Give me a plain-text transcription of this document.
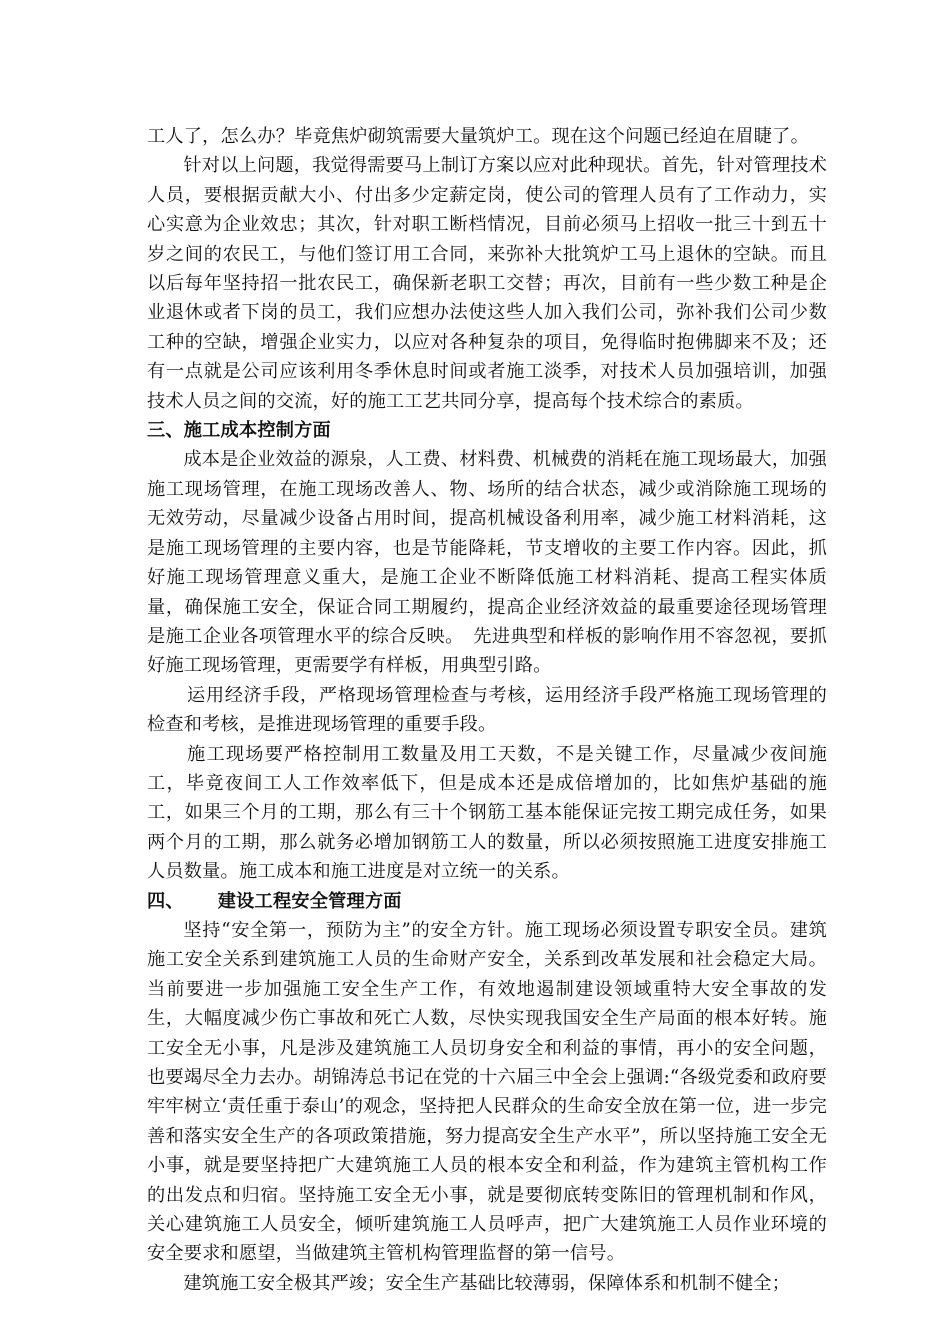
工人了，怎么办？毕竟焦炉砌筑需要大量筑炉工。现在这个问题已经迫在眉睫了。

针对以上问题，我觉得需要马上制订方案以应对此种现状。首先，针对管理技术人员，要根据贡献大小、付出多少定薪定岗，使公司的管理人员有了工作动力，实心实意为企业效忠；其次，针对职工断档情况，目前必须马上招收一批三十到五十岁之间的农民工，与他们签订用工合同，来弥补大批筑炉工马上退休的空缺。而且以后每年坚持招一批农民工，确保新老职工交替；再次，目前有一些少数工种是企业退休或者下岗的员工，我们应想办法使这些人加入我们公司，弥补我们公司少数工种的空缺，增强企业实力，以应对各种复杂的项目，免得临时抱佛脚来不及；还有一点就是公司应该利用冬季休息时间或者施工淡季，对技术人员加强培训，加强技术人员之间的交流，好的施工工艺共同分享，提高每个技术综合的素质。

三、施工成本控制方面

成本是企业效益的源泉，人工费、材料费、机械费的消耗在施工现场最大，加强施工现场管理，在施工现场改善人、物、场所的结合状态，减少或消除施工现场的无效劳动，尽量减少设备占用时间，提高机械设备利用率，减少施工材料消耗，这是施工现场管理的主要内容，也是节能降耗，节支增收的主要工作内容。因此，抓好施工现场管理意义重大，是施工企业不断降低施工材料消耗、提高工程实体质量，确保施工安全，保证合同工期履约，提高企业经济效益的最重要途径现场管理是施工企业各项管理水平的综合反映。　先进典型和样板的影响作用不容忽视，要抓好施工现场管理，更需要学有样板，用典型引路。

运用经济手段，严格现场管理检查与考核，运用经济手段严格施工现场管理的检查和考核，是推进现场管理的重要手段。

施工现场要严格控制用工数量及用工天数，不是关键工作，尽量减少夜间施工，毕竟夜间工人工作效率低下，但是成本还是成倍增加的，比如焦炉基础的施工，如果三个月的工期，那么有三十个钢筋工基本能保证完按工期完成任务，如果两个月的工期，那么就务必增加钢筋工人的数量，所以必须按照施工进度安排施工人员数量。施工成本和施工进度是对立统一的关系。

四、 建设工程安全管理方面

坚持“安全第一，预防为主”的安全方针。施工现场必须设置专职安全员。建筑施工安全关系到建筑施工人员的生命财产安全，关系到改革发展和社会稳定大局。当前要进一步加强施工安全生产工作，有效地遏制建设领域重特大安全事故的发生，大幅度减少伤亡事故和死亡人数，尽快实现我国安全生产局面的根本好转。施工安全无小事，凡是涉及建筑施工人员切身安全和利益的事情，再小的安全问题，也要竭尽全力去办。胡锦涛总书记在党的十六届三中全会上强调:“各级党委和政府要牢牢树立‘责任重于泰山’的观念，坚持把人民群众的生命安全放在第一位，进一步完善和落实安全生产的各项政策措施，努力提高安全生产水平”，所以坚持施工安全无小事，就是要坚持把广大建筑施工人员的根本安全和利益，作为建筑主管机构工作的出发点和归宿。坚持施工安全无小事，就是要彻底转变陈旧的管理机制和作风，关心建筑施工人员安全，倾听建筑施工人员呼声，把广大建筑施工人员作业环境的安全要求和愿望，当做建筑主管机构管理监督的第一信号。

建筑施工安全极其严竣；安全生产基础比较薄弱，保障体系和机制不健全；
